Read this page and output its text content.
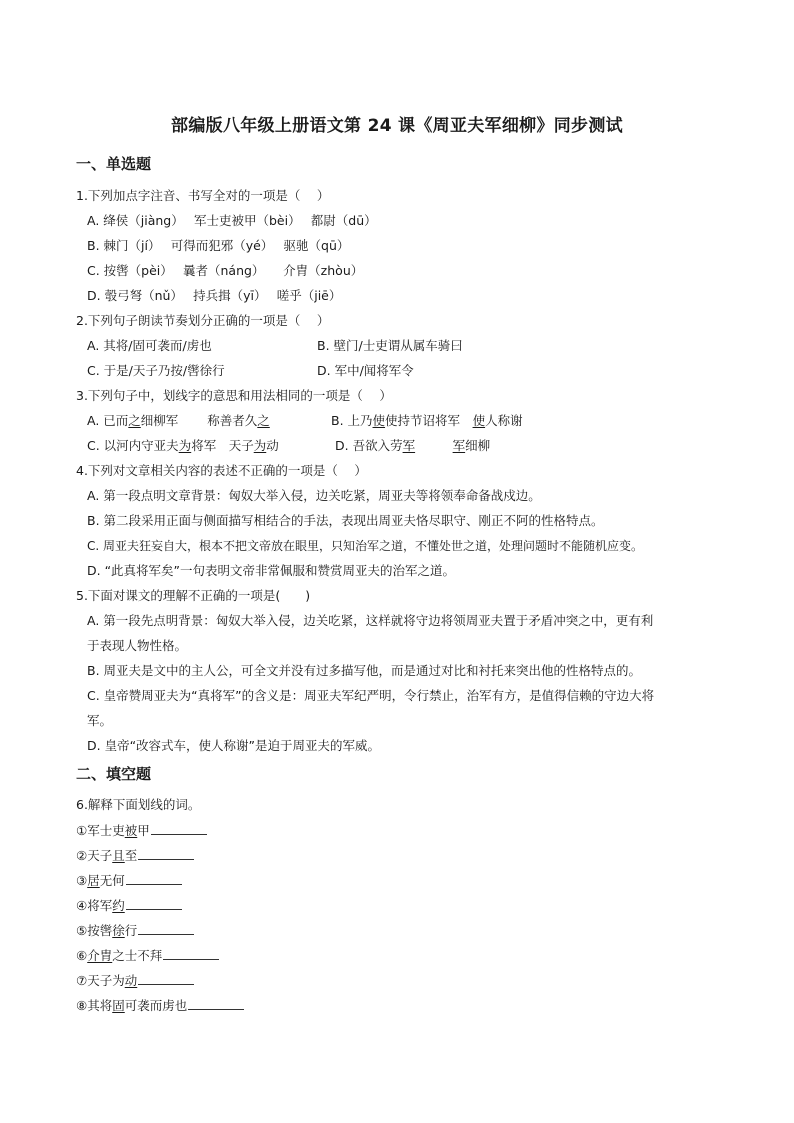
部编版八年级上册语文第 24 课《周亚夫军细柳》同步测试
一、单选题
1.下列加点字注音、书写全对的一项是（　 ）
A. 绛侯（jiàng）　 军士吏被甲（bèi）　 都尉（dū）
B. 棘门（jí）　 可得而犯邪（yé）　 驱驰（qū）
C. 按辔（pèi）　 曩者（náng）　　介胄（zhòu）
D. 彀弓弩（nǔ）　 持兵揖（yī）　 嗟乎（jiē）
2.下列句子朗读节奏划分正确的一项是（　 ）
A. 其将/固可袭而/虏也	B. 壁门/士吏谓从属车骑曰
C. 于是/天子乃按/辔徐行	D. 军中/闻将军令
3.下列句子中，划线字的意思和用法相同的一项是（　 ）
A. 已而之细柳军　　 称善者久之	B. 上乃使使持节诏将军　使人称谢
C. 以河内守亚夫为将军　天子为动	D. 吾欲入劳军　　　	军细柳
4.下列对文章相关内容的表述不正确的一项是（　 ）
A. 第一段点明文章背景：匈奴大举入侵，边关吃紧，周亚夫等将领奉命备战戍边。
B. 第二段采用正面与侧面描写相结合的手法，表现出周亚夫恪尽职守、刚正不阿的性格特点。
C. 周亚夫狂妄自大，根本不把文帝放在眼里，只知治军之道，不懂处世之道，处理问题时不能随机应变。
D. “此真将军矣”一句表明文帝非常佩服和赞赏周亚夫的治军之道。
5.下面对课文的理解不正确的一项是(　　)
A. 第一段先点明背景：匈奴大举入侵，边关吃紧，这样就将守边将领周亚夫置于矛盾冲突之中，更有利
于表现人物性格。
B. 周亚夫是文中的主人公，可全文并没有过多描写他，而是通过对比和衬托来突出他的性格特点的。
C. 皇帝赞周亚夫为“真将军”的含义是：周亚夫军纪严明，令行禁止，治军有方，是值得信赖的守边大将
军。
D. 皇帝“改容式车，使人称谢”是迫于周亚夫的军威。
二、填空题
6.解释下面划线的词。
①军士吏被甲
②天子且至
③居无何
④将军约
⑤按辔徐行
⑥介胄之士不拜
⑦天子为动
⑧其将固可袭而虏也
